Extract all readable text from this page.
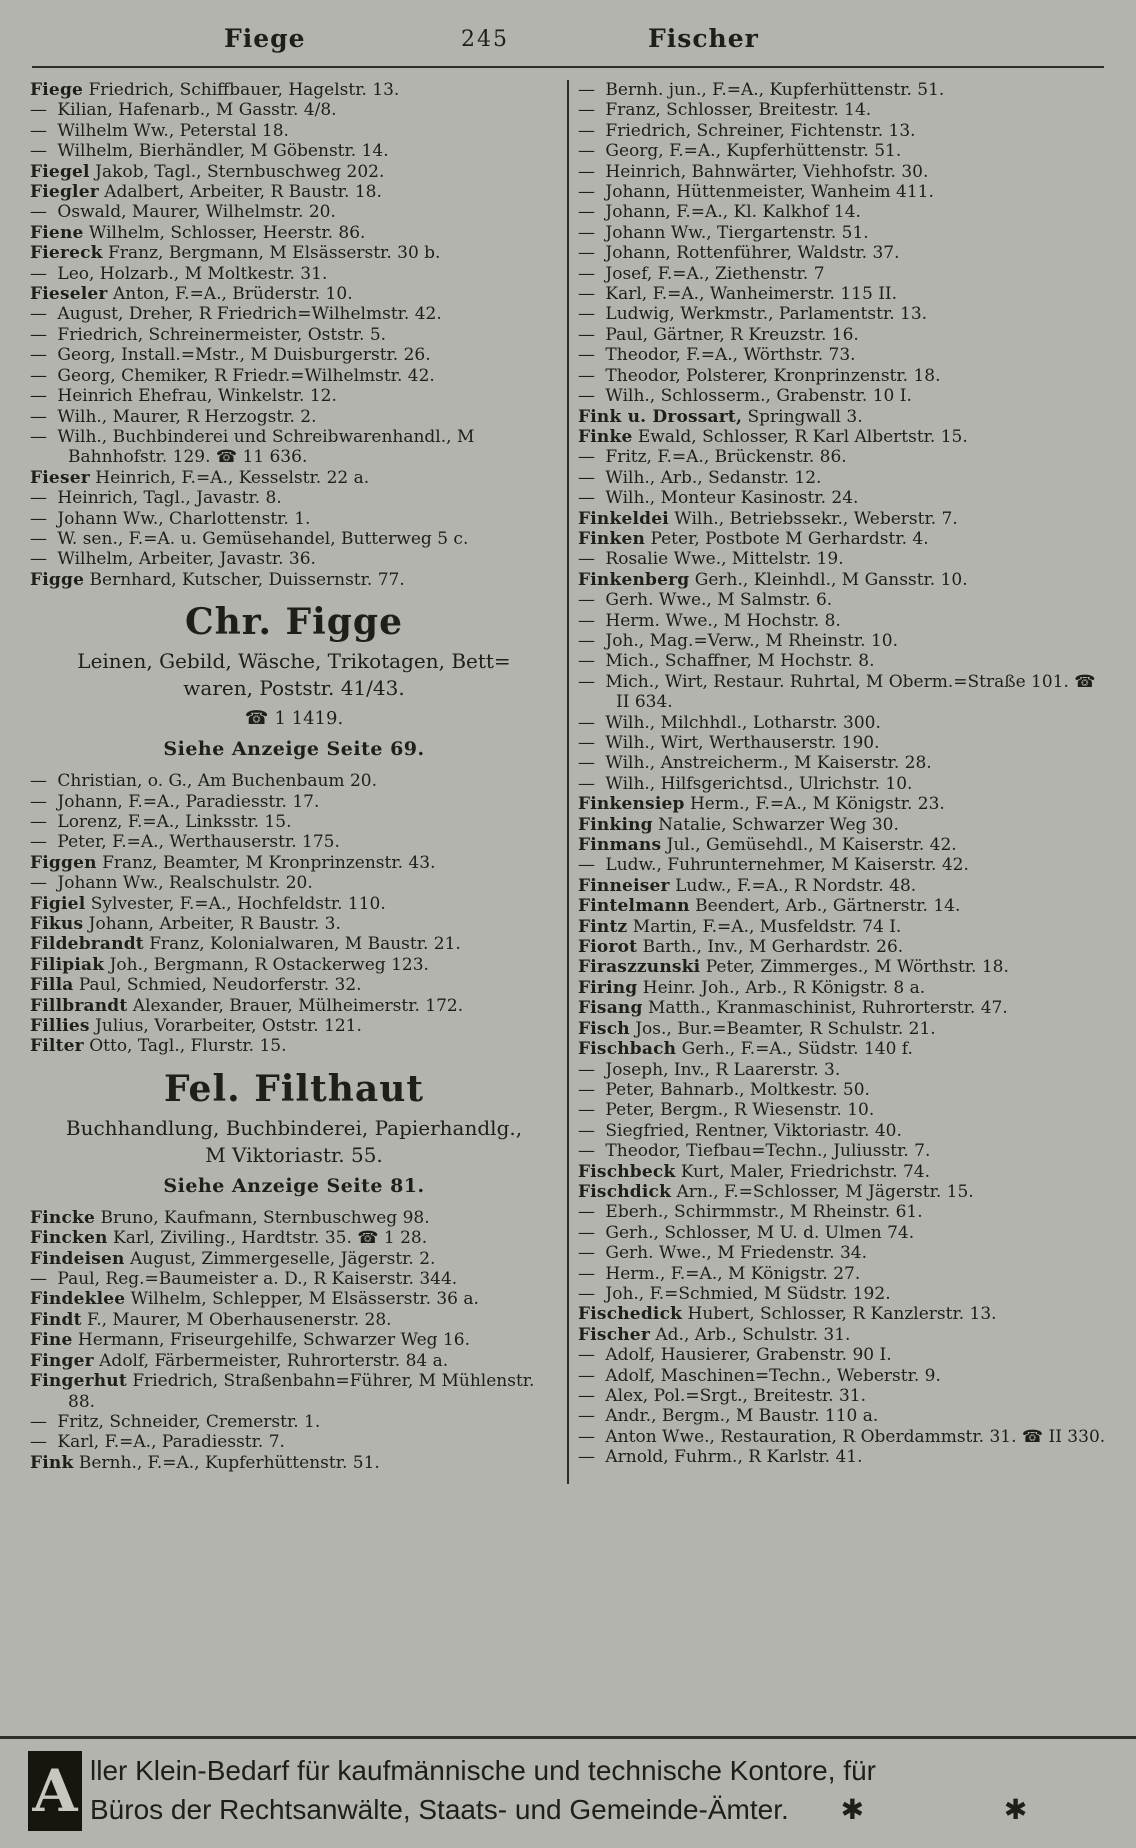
Fiege	245	Fischer
Fiege Friedrich, Schiffbauer, Hagelstr. 13.
— Kilian, Hafenarb., M Gasstr. 4/8.
— Wilhelm Ww., Peterstal 18.
— Wilhelm, Bierhändler, M Göbenstr. 14.
Fiegel Jakob, Tagl., Sternbuschweg 202.
Fiegler Adalbert, Arbeiter, R Baustr. 18.
— Oswald, Maurer, Wilhelmstr. 20.
Fiene Wilhelm, Schlosser, Heerstr. 86.
Fiereck Franz, Bergmann, M Elsässerstr. 30 b.
— Leo, Holzarb., M Moltkestr. 31.
Fieseler Anton, F.=A., Brüderstr. 10.
— August, Dreher, R Friedrich=Wilhelmstr. 42.
— Friedrich, Schreinermeister, Oststr. 5.
— Georg, Install.=Mstr., M Duisburgerstr. 26.
— Georg, Chemiker, R Friedr.=Wilhelmstr. 42.
— Heinrich Ehefrau, Winkelstr. 12.
— Wilh., Maurer, R Herzogstr. 2.
— Wilh., Buchbinderei und Schreibwarenhandl., M Bahnhofstr. 129. ☎ 11 636.
Fieser Heinrich, F.=A., Kesselstr. 22 a.
— Heinrich, Tagl., Javastr. 8.
— Johann Ww., Charlottenstr. 1.
— W. sen., F.=A. u. Gemüsehandel, Butterweg 5 c.
— Wilhelm, Arbeiter, Javastr. 36.
Figge Bernhard, Kutscher, Duissernstr. 77.
Chr. Figge
Leinen, Gebild, Wäsche, Trikotagen, Bett=
waren, Poststr. 41/43.
☎ 1 1419.
Siehe Anzeige Seite 69.
— Christian, o. G., Am Buchenbaum 20.
— Johann, F.=A., Paradiesstr. 17.
— Lorenz, F.=A., Linksstr. 15.
— Peter, F.=A., Werthauserstr. 175.
Figgen Franz, Beamter, M Kronprinzenstr. 43.
— Johann Ww., Realschulstr. 20.
Figiel Sylvester, F.=A., Hochfeldstr. 110.
Fikus Johann, Arbeiter, R Baustr. 3.
Fildebrandt Franz, Kolonialwaren, M Baustr. 21.
Filipiak Joh., Bergmann, R Ostackerweg 123.
Filla Paul, Schmied, Neudorferstr. 32.
Fillbrandt Alexander, Brauer, Mülheimerstr. 172.
Fillies Julius, Vorarbeiter, Oststr. 121.
Filter Otto, Tagl., Flurstr. 15.
Fel. Filthaut
Buchhandlung, Buchbinderei, Papierhandlg.,
M Viktoriastr. 55.
Siehe Anzeige Seite 81.
Fincke Bruno, Kaufmann, Sternbuschweg 98.
Fincken Karl, Ziviling., Hardtstr. 35. ☎ 1 28.
Findeisen August, Zimmergeselle, Jägerstr. 2.
— Paul, Reg.=Baumeister a. D., R Kaiserstr. 344.
Findeklee Wilhelm, Schlepper, M Elsässerstr. 36 a.
Findt F., Maurer, M Oberhausenerstr. 28.
Fine Hermann, Friseurgehilfe, Schwarzer Weg 16.
Finger Adolf, Färbermeister, Ruhrorterstr. 84 a.
Fingerhut Friedrich, Straßenbahn=Führer, M Mühlenstr. 88.
— Fritz, Schneider, Cremerstr. 1.
— Karl, F.=A., Paradiesstr. 7.
Fink Bernh., F.=A., Kupferhüttenstr. 51.
— Bernh. jun., F.=A., Kupferhüttenstr. 51.
— Franz, Schlosser, Breitestr. 14.
— Friedrich, Schreiner, Fichtenstr. 13.
— Georg, F.=A., Kupferhüttenstr. 51.
— Heinrich, Bahnwärter, Viehhofstr. 30.
— Johann, Hüttenmeister, Wanheim 411.
— Johann, F.=A., Kl. Kalkhof 14.
— Johann Ww., Tiergartenstr. 51.
— Johann, Rottenführer, Waldstr. 37.
— Josef, F.=A., Ziethenstr. 7
— Karl, F.=A., Wanheimerstr. 115 II.
— Ludwig, Werkmstr., Parlamentstr. 13.
— Paul, Gärtner, R Kreuzstr. 16.
— Theodor, F.=A., Wörthstr. 73.
— Theodor, Polsterer, Kronprinzenstr. 18.
— Wilh., Schlosserm., Grabenstr. 10 I.
Fink u. Drossart, Springwall 3.
Finke Ewald, Schlosser, R Karl Albertstr. 15.
— Fritz, F.=A., Brückenstr. 86.
— Wilh., Arb., Sedanstr. 12.
— Wilh., Monteur Kasinostr. 24.
Finkeldei Wilh., Betriebssekr., Weberstr. 7.
Finken Peter, Postbote M Gerhardstr. 4.
— Rosalie Wwe., Mittelstr. 19.
Finkenberg Gerh., Kleinhdl., M Gansstr. 10.
— Gerh. Wwe., M Salmstr. 6.
— Herm. Wwe., M Hochstr. 8.
— Joh., Mag.=Verw., M Rheinstr. 10.
— Mich., Schaffner, M Hochstr. 8.
— Mich., Wirt, Restaur. Ruhrtal, M Oberm.=Straße 101. ☎ II 634.
— Wilh., Milchhdl., Lotharstr. 300.
— Wilh., Wirt, Werthauserstr. 190.
— Wilh., Anstreicherm., M Kaiserstr. 28.
— Wilh., Hilfsgerichtsd., Ulrichstr. 10.
Finkensiep Herm., F.=A., M Königstr. 23.
Finking Natalie, Schwarzer Weg 30.
Finmans Jul., Gemüsehdl., M Kaiserstr. 42.
— Ludw., Fuhrunternehmer, M Kaiserstr. 42.
Finneiser Ludw., F.=A., R Nordstr. 48.
Fintelmann Beendert, Arb., Gärtnerstr. 14.
Fintz Martin, F.=A., Musfeldstr. 74 I.
Fiorot Barth., Inv., M Gerhardstr. 26.
Firaszzunski Peter, Zimmerges., M Wörthstr. 18.
Firing Heinr. Joh., Arb., R Königstr. 8 a.
Fisang Matth., Kranmaschinist, Ruhrorterstr. 47.
Fisch Jos., Bur.=Beamter, R Schulstr. 21.
Fischbach Gerh., F.=A., Südstr. 140 f.
— Joseph, Inv., R Laarerstr. 3.
— Peter, Bahnarb., Moltkestr. 50.
— Peter, Bergm., R Wiesenstr. 10.
— Siegfried, Rentner, Viktoriastr. 40.
— Theodor, Tiefbau=Techn., Juliusstr. 7.
Fischbeck Kurt, Maler, Friedrichstr. 74.
Fischdick Arn., F.=Schlosser, M Jägerstr. 15.
— Eberh., Schirmmstr., M Rheinstr. 61.
— Gerh., Schlosser, M U. d. Ulmen 74.
— Gerh. Wwe., M Friedenstr. 34.
— Herm., F.=A., M Königstr. 27.
— Joh., F.=Schmied, M Südstr. 192.
Fischedick Hubert, Schlosser, R Kanzlerstr. 13.
Fischer Ad., Arb., Schulstr. 31.
— Adolf, Hausierer, Grabenstr. 90 I.
— Adolf, Maschinen=Techn., Weberstr. 9.
— Alex, Pol.=Srgt., Breitestr. 31.
— Andr., Bergm., M Baustr. 110 a.
— Anton Wwe., Restauration, R Oberdammstr. 31. ☎ II 330.
— Arnold, Fuhrm., R Karlstr. 41.
A ller Klein-Bedarf für kaufmännische und technische Kontore, für
Büros der Rechtsanwälte, Staats- und Gemeinde-Ämter. ✱ ✱
